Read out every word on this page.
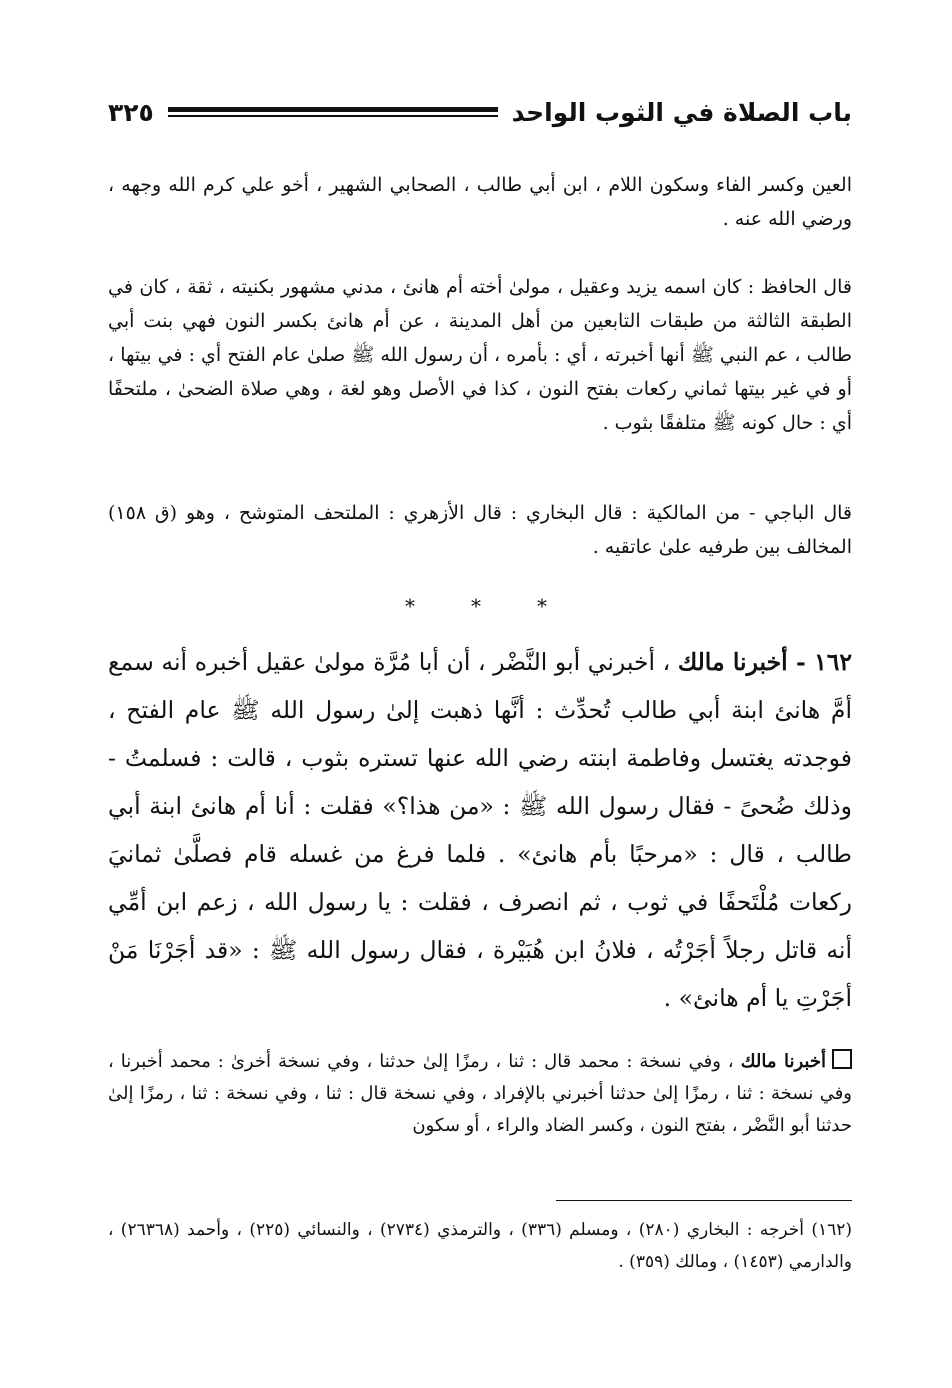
باب الصلاة في الثوب الواحد
٣٢٥

العين وكسر الفاء وسكون اللام ، ابن أبي طالب ، الصحابي الشهير ، أخو علي كرم الله وجهه ، ورضي الله عنه .

قال الحافظ : كان اسمه يزيد وعقيل ، مولىٰ أخته أم هانئ ، مدني مشهور بكنيته ، ثقة ، كان في الطبقة الثالثة من طبقات التابعين من أهل المدينة ، عن أم هانئ بكسر النون فهي بنت أبي طالب ، عم النبي ﷺ أنها أخبرته ، أي : بأمره ، أن رسول الله ﷺ صلىٰ عام الفتح أي : في بيتها ، أو في غير بيتها ثماني ركعات بفتح النون ، كذا في الأصل وهو لغة ، وهي صلاة الضحىٰ ، ملتحفًا أي : حال كونه ﷺ متلفقًا بثوب .

قال الباجي - من المالكية : قال البخاري : قال الأزهري : الملتحف المتوشح ، وهو (ق ١٥٨) المخالف بين طرفيه علىٰ عاتقيه .

*	*	*

١٦٢ - أخبرنا مالك ، أخبرني أبو النَّضْر ، أن أبا مُرَّة مولىٰ عقيل أخبره أنه سمع أمَّ هانئ ابنة أبي طالب تُحدِّث : أنَّها ذهبت إلىٰ رسول الله ﷺ عام الفتح ، فوجدته يغتسل وفاطمة ابنته رضي الله عنها تستره بثوب ، قالت : فسلمتُ - وذلك ضُحىً - فقال رسول الله ﷺ : «من هذا؟» فقلت : أنا أم هانئ ابنة أبي طالب ، قال : «مرحبًا بأم هانئ» . فلما فرغ من غسله قام فصلَّىٰ ثمانيَ ركعات مُلْتَحفًا في ثوب ، ثم انصرف ، فقلت : يا رسول الله ، زعم ابن أمِّي أنه قاتل رجلاً أجَرْتُه ، فلانُ ابن هُبَيْرة ، فقال رسول الله ﷺ : «قد أجَرْنَا مَنْ أجَرْتِ يا أم هانئ» .

أخبرنا مالك ، وفي نسخة : محمد قال : ثنا ، رمزًا إلىٰ حدثنا ، وفي نسخة أخرىٰ : محمد أخبرنا ، وفي نسخة : ثنا ، رمزًا إلىٰ حدثنا أخبرني بالإفراد ، وفي نسخة قال : ثنا ، وفي نسخة : ثنا ، رمزًا إلىٰ حدثنا أبو النَّضْر ، بفتح النون ، وكسر الضاد والراء ، أو سكون

(١٦٢) أخرجه : البخاري (٢٨٠) ، ومسلم (٣٣٦) ، والترمذي (٢٧٣٤) ، والنسائي (٢٢٥) ، وأحمد (٢٦٣٦٨) ، والدارمي (١٤٥٣) ، ومالك (٣٥٩) .
